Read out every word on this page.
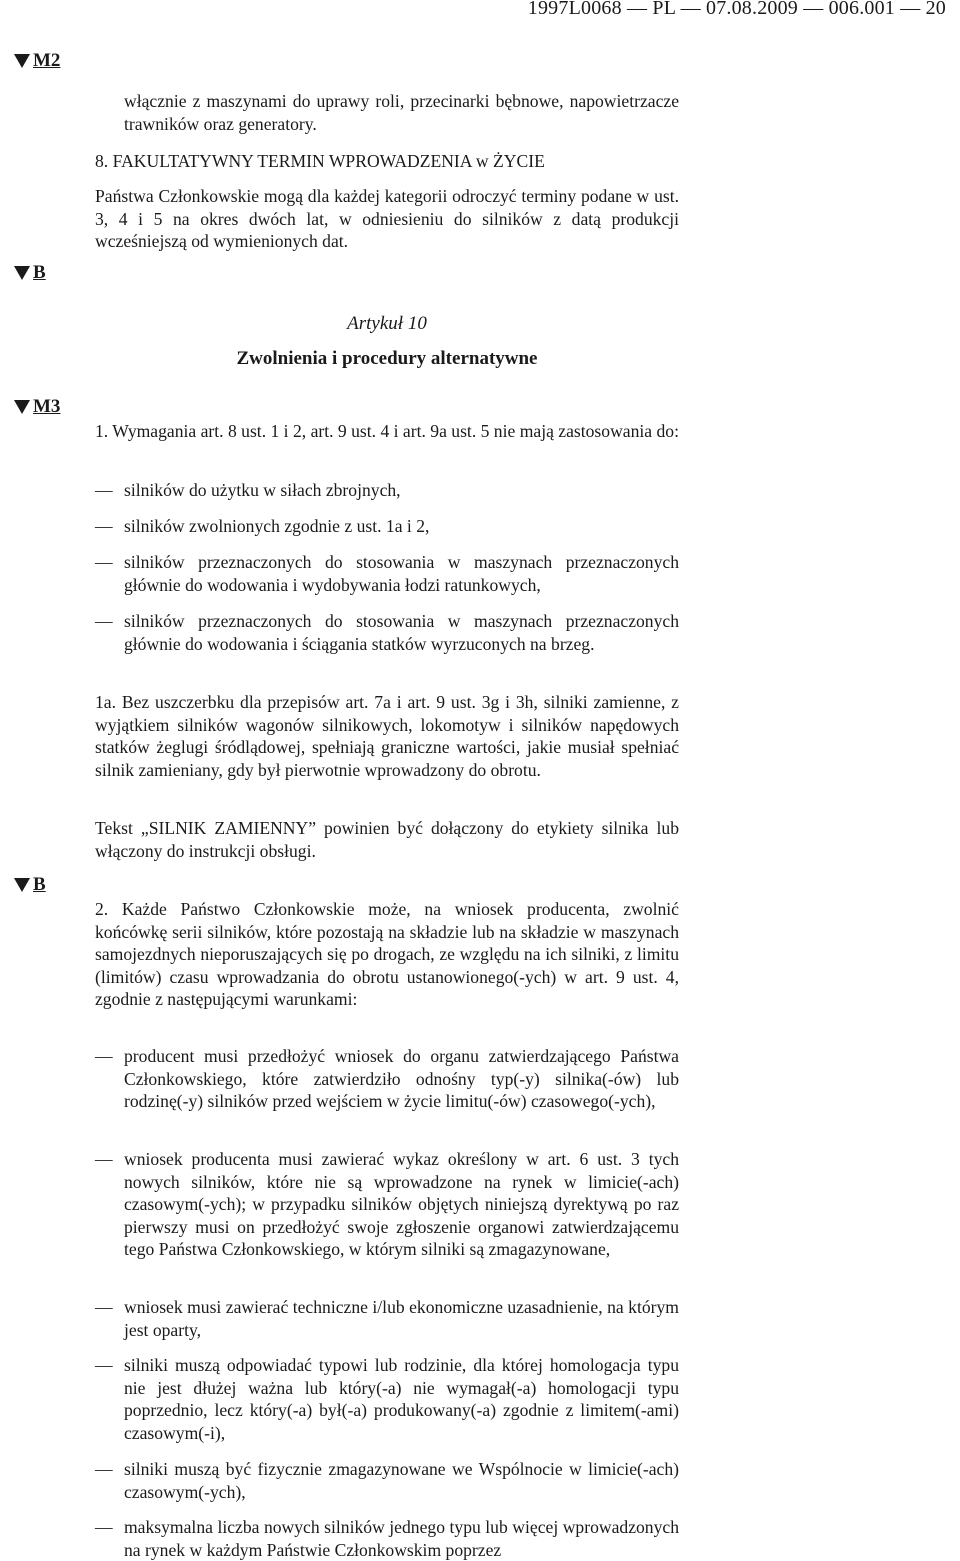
1997L0068 — PL — 07.08.2009 — 006.001 — 20
M2
B
M3
B
włącznie z maszynami do uprawy roli, przecinarki bębnowe, napowietrzacze trawników oraz generatory.
8. FAKULTATYWNY TERMIN WPROWADZENIA w ŻYCIE
Państwa Członkowskie mogą dla każdej kategorii odroczyć terminy podane w ust. 3, 4 i 5 na okres dwóch lat, w odniesieniu do silników z datą produkcji wcześniejszą od wymienionych dat.
Artykuł 10
Zwolnienia i procedury alternatywne
1. Wymagania art. 8 ust. 1 i 2, art. 9 ust. 4 i art. 9a ust. 5 nie mają zastosowania do:
— silników do użytku w siłach zbrojnych,
— silników zwolnionych zgodnie z ust. 1a i 2,
— silników przeznaczonych do stosowania w maszynach przeznaczonych głównie do wodowania i wydobywania łodzi ratunkowych,
— silników przeznaczonych do stosowania w maszynach przeznaczonych głównie do wodowania i ściągania statków wyrzuconych na brzeg.
1a. Bez uszczerbku dla przepisów art. 7a i art. 9 ust. 3g i 3h, silniki zamienne, z wyjątkiem silników wagonów silnikowych, lokomotyw i silników napędowych statków żeglugi śródlądowej, spełniają graniczne wartości, jakie musiał spełniać silnik zamieniany, gdy był pierwotnie wprowadzony do obrotu.
Tekst „SILNIK ZAMIENNY” powinien być dołączony do etykiety silnika lub włączony do instrukcji obsługi.
2. Każde Państwo Członkowskie może, na wniosek producenta, zwolnić końcówkę serii silników, które pozostają na składzie lub na składzie w maszynach samojezdnych nieporuszających się po drogach, ze względu na ich silniki, z limitu (limitów) czasu wprowadzania do obrotu ustanowionego(-ych) w art. 9 ust. 4, zgodnie z następującymi warunkami:
— producent musi przedłożyć wniosek do organu zatwierdzającego Państwa Członkowskiego, które zatwierdziło odnośny typ(-y) silnika(-ów) lub rodzinę(-y) silników przed wejściem w życie limitu(-ów) czasowego(-ych),
— wniosek producenta musi zawierać wykaz określony w art. 6 ust. 3 tych nowych silników, które nie są wprowadzone na rynek w limicie(-ach) czasowym(-ych); w przypadku silników objętych niniejszą dyrektywą po raz pierwszy musi on przedłożyć swoje zgłoszenie organowi zatwierdzającemu tego Państwa Członkowskiego, w którym silniki są zmagazynowane,
— wniosek musi zawierać techniczne i/lub ekonomiczne uzasadnienie, na którym jest oparty,
— silniki muszą odpowiadać typowi lub rodzinie, dla której homologacja typu nie jest dłużej ważna lub który(-a) nie wymagał(-a) homologacji typu poprzednio, lecz który(-a) był(-a) produkowany(-a) zgodnie z limitem(-ami) czasowym(-i),
— silniki muszą być fizycznie zmagazynowane we Wspólnocie w limicie(-ach) czasowym(-ych),
— maksymalna liczba nowych silników jednego typu lub więcej wprowadzonych na rynek w każdym Państwie Członkowskim poprzez
